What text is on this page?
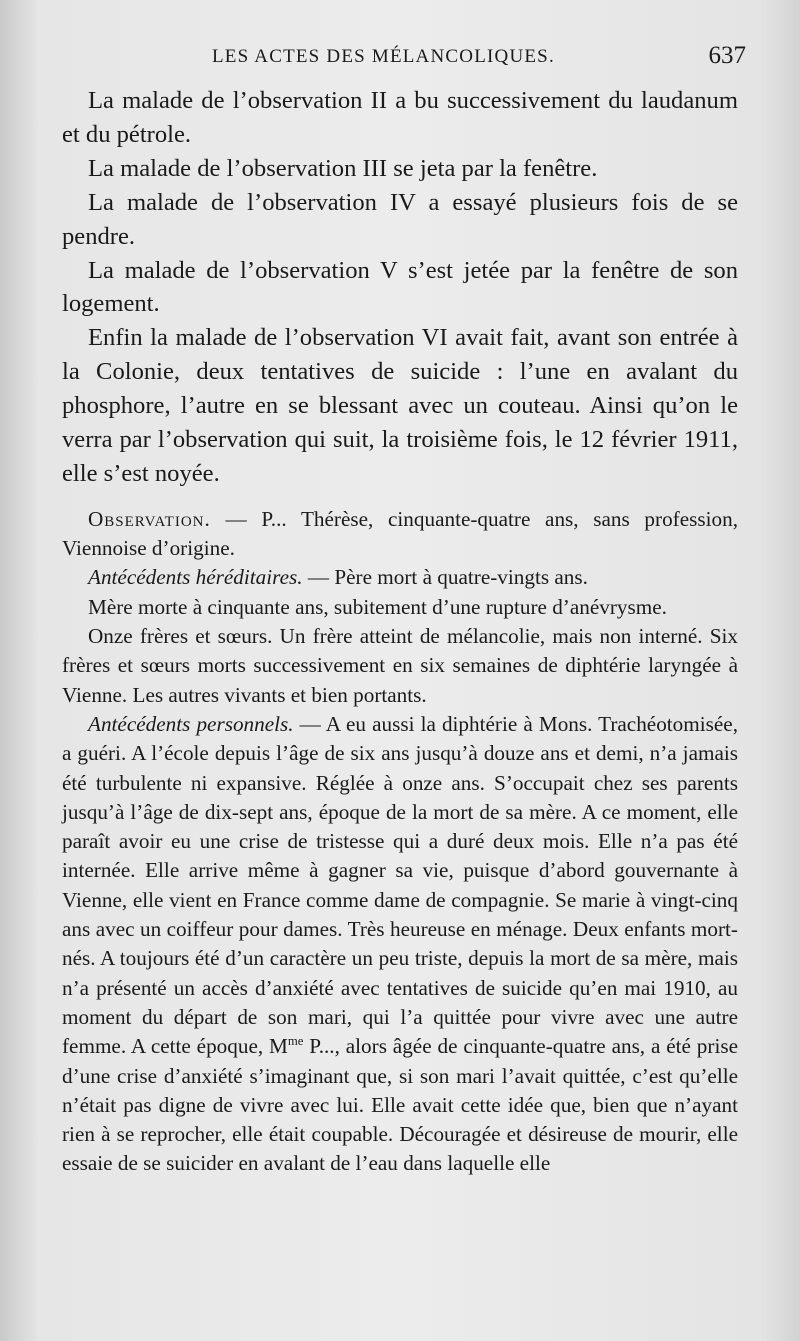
LES ACTES DES MÉLANCOLIQUES.	637

La malade de l’observation II a bu successivement du laudanum et du pétrole.

La malade de l’observation III se jeta par la fenêtre.

La malade de l’observation IV a essayé plusieurs fois de se pendre.

La malade de l’observation V s’est jetée par la fenêtre de son logement.

Enfin la malade de l’observation VI avait fait, avant son entrée à la Colonie, deux tentatives de suicide : l’une en avalant du phosphore, l’autre en se blessant avec un couteau. Ainsi qu’on le verra par l’observation qui suit, la troisième fois, le 12 février 1911, elle s’est noyée.

Observation. — P... Thérèse, cinquante-quatre ans, sans profession, Viennoise d’origine.

Antécédents héréditaires. — Père mort à quatre-vingts ans.

Mère morte à cinquante ans, subitement d’une rupture d’anévrysme.

Onze frères et sœurs. Un frère atteint de mélancolie, mais non interné. Six frères et sœurs morts successivement en six semaines de diphtérie laryngée à Vienne. Les autres vivants et bien portants.

Antécédents personnels. — A eu aussi la diphtérie à Mons. Trachéotomisée, a guéri. A l’école depuis l’âge de six ans jusqu’à douze ans et demi, n’a jamais été turbulente ni expansive. Réglée à onze ans. S’occupait chez ses parents jusqu’à l’âge de dix-sept ans, époque de la mort de sa mère. A ce moment, elle paraît avoir eu une crise de tristesse qui a duré deux mois. Elle n’a pas été internée. Elle arrive même à gagner sa vie, puisque d’abord gouvernante à Vienne, elle vient en France comme dame de compagnie. Se marie à vingt-cinq ans avec un coiffeur pour dames. Très heureuse en ménage. Deux enfants mort-nés. A toujours été d’un caractère un peu triste, depuis la mort de sa mère, mais n’a présenté un accès d’anxiété avec tentatives de suicide qu’en mai 1910, au moment du départ de son mari, qui l’a quittée pour vivre avec une autre femme. A cette époque, $M^{me}$ P..., alors âgée de cinquante-quatre ans, a été prise d’une crise d’anxiété s’imaginant que, si son mari l’avait quittée, c’est qu’elle n’était pas digne de vivre avec lui. Elle avait cette idée que, bien que n’ayant rien à se reprocher, elle était coupable. Découragée et désireuse de mourir, elle essaie de se suicider en avalant de l’eau dans laquelle elle
